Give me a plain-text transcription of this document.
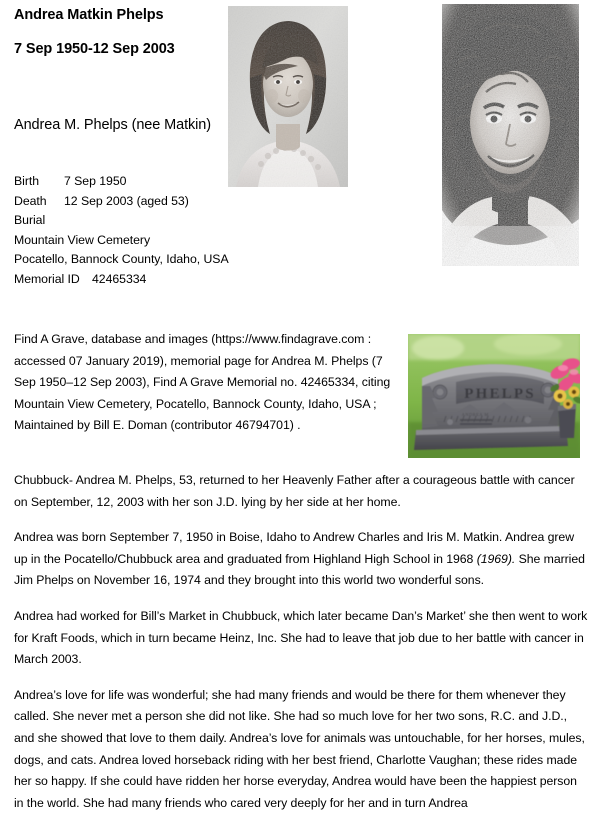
Andrea Matkin Phelps
7 Sep 1950-12 Sep 2003
Andrea M. Phelps (nee Matkin)
Birth 7 Sep 1950
Death 12 Sep 2003 (aged 53)
Burial
Mountain View Cemetery
Pocatello, Bannock County, Idaho, USA
Memorial ID 42465334
Find A Grave, database and images (https://www.findagrave.com : accessed 07 January 2019), memorial page for Andrea M. Phelps (7 Sep 1950–12 Sep 2003), Find A Grave Memorial no. 42465334, citing Mountain View Cemetery, Pocatello, Bannock County, Idaho, USA ; Maintained by Bill E. Doman (contributor 46794701) .

Chubbuck- Andrea M. Phelps, 53, returned to her Heavenly Father after a courageous battle with cancer on September, 12, 2003 with her son J.D. lying by her side at her home.

Andrea was born September 7, 1950 in Boise, Idaho to Andrew Charles and Iris M. Matkin. Andrea grew up in the Pocatello/Chubbuck area and graduated from Highland High School in 1968 (1969). She married Jim Phelps on November 16, 1974 and they brought into this world two wonderful sons.

Andrea had worked for Bill’s Market in Chubbuck, which later became Dan’s Market’ she then went to work for Kraft Foods, which in turn became Heinz, Inc. She had to leave that job due to her battle with cancer in March 2003.

Andrea’s love for life was wonderful; she had many friends and would be there for them whenever they called. She never met a person she did not like. She had so much love for her two sons, R.C. and J.D., and she showed that love to them daily. Andrea’s love for animals was untouchable, for her horses, mules, dogs, and cats. Andrea loved horseback riding with her best friend, Charlotte Vaughan; these rides made her so happy. If she could have ridden her horse everyday, Andrea would have been the happiest person in the world. She had many friends who cared very deeply for her and in turn Andrea

PHELPS
ANDREA M.
